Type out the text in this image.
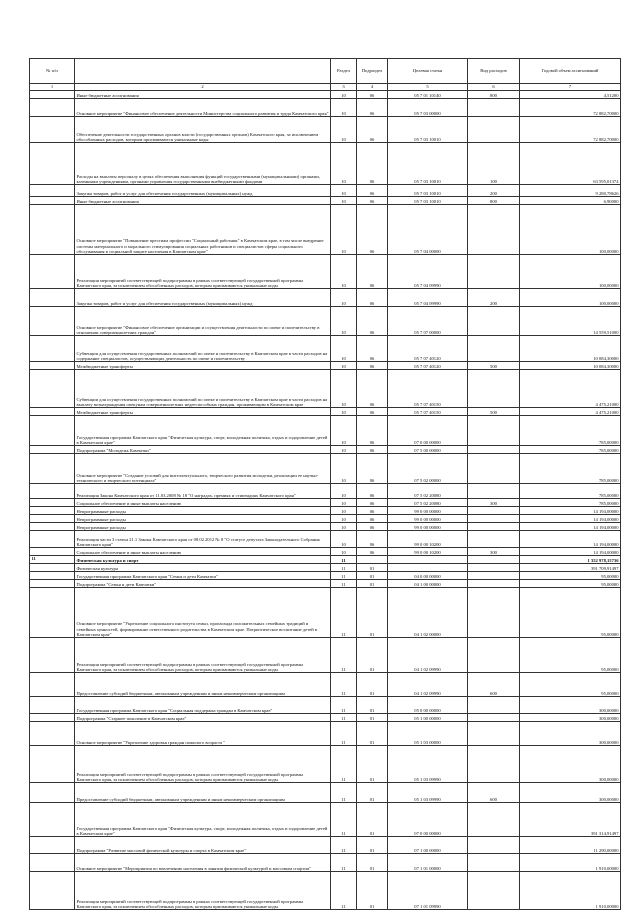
№ п/п		Раздел	Подраздел	Целевая статья	Вид расходов	Годовой объем ассигнований
1	2	3	4	5	6	7
	Иные бюджетные ассигнования	10	06	05 7 01 10140	800	4,51200
	Основное мероприятие "Финансовое обеспечение деятельности Министерства социального развития и труда Камчатского края"	10	06	05 7 03 00000		72 882,70000
	Обеспечение деятельности государственных органов власти (государственных органов) Камчатского края, за исключением обособленных расходов, которым присваиваются уникальные коды	10	06	05 7 03 10010		72 882,70000
	Расходы на выплаты персоналу в целях обеспечения выполнения функций государственными (муниципальными) органами, казенными учреждениями, органами управления государственными внебюджетными фондами	10	06	05 7 03 10010	100	63 595,01374
	Закупка товаров, работ и услуг для обеспечения государственных (муниципальных) нужд	10	06	05 7 03 10010	200	9 280,78626
	Иные бюджетные ассигнования	10	06	05 7 03 10010	800	6,90000
	Основное мероприятие "Повышение престижа профессии "Социальный работник" в Камчатском крае, в том числе внедрение системы материального и морального стимулирования социальных работников и специалистов сферы социального обслуживания в социальной защите населения в Камчатском крае"	10	06	05 7 04 00000		100,00000
	Реализация мероприятий соответствующей подпрограммы в рамках соответствующей государственной программы Камчатского края, за исключением обособленных расходов, которым присваиваются уникальные коды	10	06	05 7 04 09990		100,00000
	Закупка товаров, работ и услуг для обеспечения государственных (муниципальных) нужд	10	06	05 7 04 09990	200	100,00000
	Основное мероприятие "Финансовое обеспечение организации и осуществления деятельности по опеке и попечительству в отношении совершеннолетних граждан"	10	06	05 7 07 00000		14 559,51000
	Субвенции для осуществления государственных полномочий по опеке и попечительству в Камчатском крае в части расходов на содержание специалистов, осуществляющих деятельность по опеке и попечительству	10	06	05 7 07 40120		10 084,30000
	Межбюджетные трансферты	10	06	05 7 07 40120	500	10 084,30000
	Субвенции для осуществления государственных полномочий по опеке и попечительству в Камчатском крае в части расходов на выплату вознаграждения опекунам совершеннолетних недееспособных граждан, проживающим в Камчатском крае	10	06	05 7 07 40150		4 475,21000
	Межбюджетные трансферты	10	06	05 7 07 40150	500	4 475,21000
	Государственная программа Камчатского края "Физическая культура, спорт, молодежная политика, отдых и оздоровление детей в Камчатском крае"	10	06	07 0 00 00000		785,00000
	Подпрограмма "Молодежь Камчатки"	10	06	07 5 00 00000		785,00000
	Основное мероприятие "Создание условий для интеллектуального, творческого развития молодежи, реализации ее научно-технического и творческого потенциала"	10	06	07 5 02 00000		785,00000
	Реализация Закона Камчатского края от 11.03.2008 № 18 "О наградах, премиях и стипендиях Камчатского края"	10	06	07 5 02 20080		785,00000
	Социальное обеспечение и иные выплаты населению	10	06	07 5 02 20080	300	785,00000
	Непрограммные расходы	10	06	99 0 00 00000		14 194,00000
	Непрограммные расходы	10	06	99 0 00 00000		14 194,00000
	Непрограммные расходы	10	06	99 0 00 00000		14 194,00000
	Реализация части 3 статьи 21.1 Закона Камчатского края от 08.02.2012 № 8 "О статусе депутата Законодательного Собрания Камчатского края"	10	06	99 0 00 10200		14 194,00000
	Социальное обеспечение и иные выплаты населению	10	06	99 0 00 10200	300	14 194,00000
11	Физическая культура и спорт	11				1 352 978,15736
	Физическая культура	11	01			391 709,91497
	Государственная программа Камчатского края "Семья и дети Камчатки"	11	01	04 0 00 00000		95,00000
	Подпрограмма "Семья и дети Камчатки"	11	01	04 1 00 00000		95,00000
	Основное мероприятие "Укрепление социального института семьи, пропаганда положительных семейных традиций и семейных ценностей, формирование ответственного родительства в Камчатском крае. Патриотическое воспитание детей в Камчатском крае"	11	01	04 1 02 00000		95,00000
	Реализация мероприятий соответствующей подпрограммы в рамках соответствующей государственной программы Камчатского края, за исключением обособленных расходов, которым присваиваются уникальные коды	11	01	04 1 02 09990		95,00000
	Предоставление субсидий бюджетным, автономным учреждениям и иным некоммерческим организациям	11	01	04 1 02 09990	600	95,00000
	Государственная программа Камчатского края "Социальная поддержка граждан в Камчатском крае"	11	01	05 0 00 00000		300,00000
	Подпрограмма "Старшее поколение в Камчатском крае"	11	01	05 1 00 00000		300,00000
	Основное мероприятие "Укрепление здоровья граждан пожилого возраста "	11	01	05 1 03 00000		300,00000
	Реализация мероприятий соответствующей подпрограммы в рамках соответствующей государственной программы Камчатского края, за исключением обособленных расходов, которым присваиваются уникальные коды	11	01	05 1 03 09990		300,00000
	Предоставление субсидий бюджетным, автономным учреждениям и иным некоммерческим организациям	11	01	05 1 03 09990	600	300,00000
	Государственная программа Камчатского края "Физическая культура, спорт, молодежная политика, отдых и оздоровление детей в Камчатском крае"	11	01	07 0 00 00000		391 314,91497
	Подпрограмма "Развитие массовой физической культуры и спорта в Камчатском крае"	11	01	07 1 00 00000		11 290,00000
	Основное мероприятие "Мероприятия по вовлечению населения в занятия физической культурой и массовым спортом"	11	01	07 1 01 00000		1 910,00000
	Реализация мероприятий соответствующей подпрограммы в рамках соответствующей государственной программы Камчатского края, за исключением обособленных расходов, которым присваиваются уникальные коды	11	01	07 1 01 09990		1 910,00000
